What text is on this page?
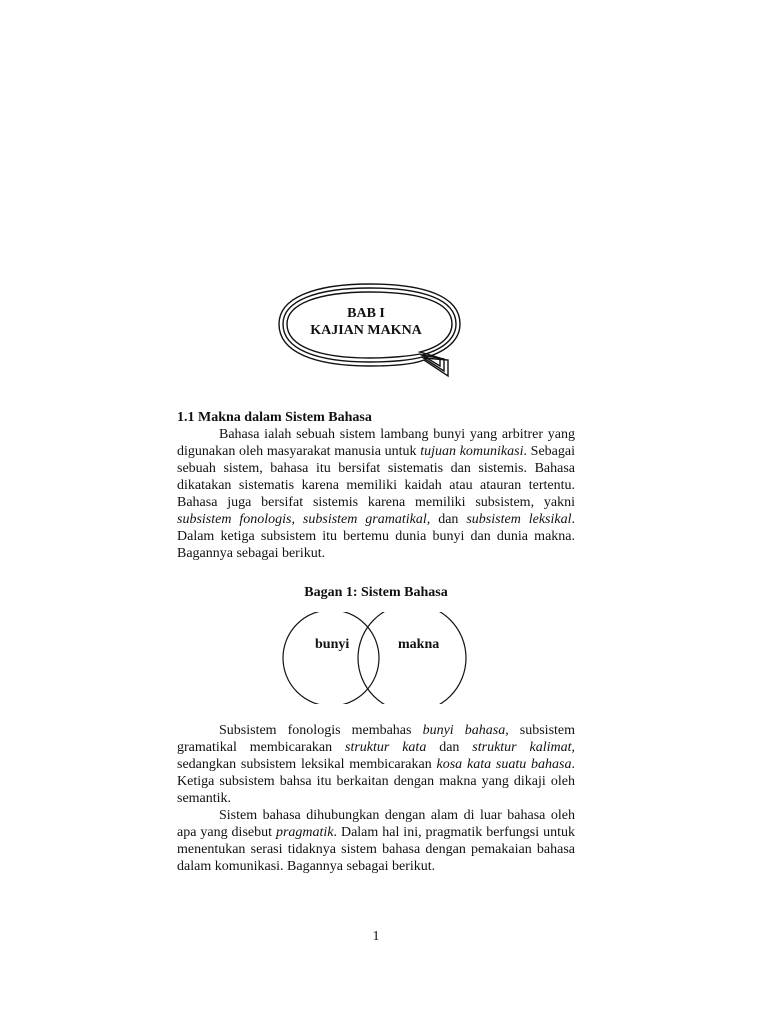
BAB I
KAJIAN MAKNA

1.1 Makna dalam Sistem Bahasa

Bahasa ialah sebuah sistem lambang bunyi yang arbitrer yang digunakan oleh masyarakat manusia untuk tujuan komunikasi. Sebagai sebuah sistem, bahasa itu bersifat sistematis dan sistemis. Bahasa dikatakan sistematis karena memiliki kaidah atau atauran tertentu. Bahasa juga bersifat sistemis karena memiliki subsistem, yakni subsistem fonologis, subsistem gramatikal, dan subsistem leksikal. Dalam ketiga subsistem itu bertemu dunia bunyi dan dunia makna. Bagannya sebagai berikut.

Bagan 1: Sistem Bahasa
bunyi	makna

Subsistem fonologis membahas bunyi bahasa, subsistem gramatikal membicarakan struktur kata dan struktur kalimat, sedangkan subsistem leksikal membicarakan kosa kata suatu bahasa. Ketiga subsistem bahsa itu berkaitan dengan makna yang dikaji oleh semantik.

Sistem bahasa dihubungkan dengan alam di luar bahasa oleh apa yang disebut pragmatik. Dalam hal ini, pragmatik berfungsi untuk menentukan serasi tidaknya sistem bahasa dengan pemakaian bahasa dalam komunikasi. Bagannya sebagai berikut.

1
